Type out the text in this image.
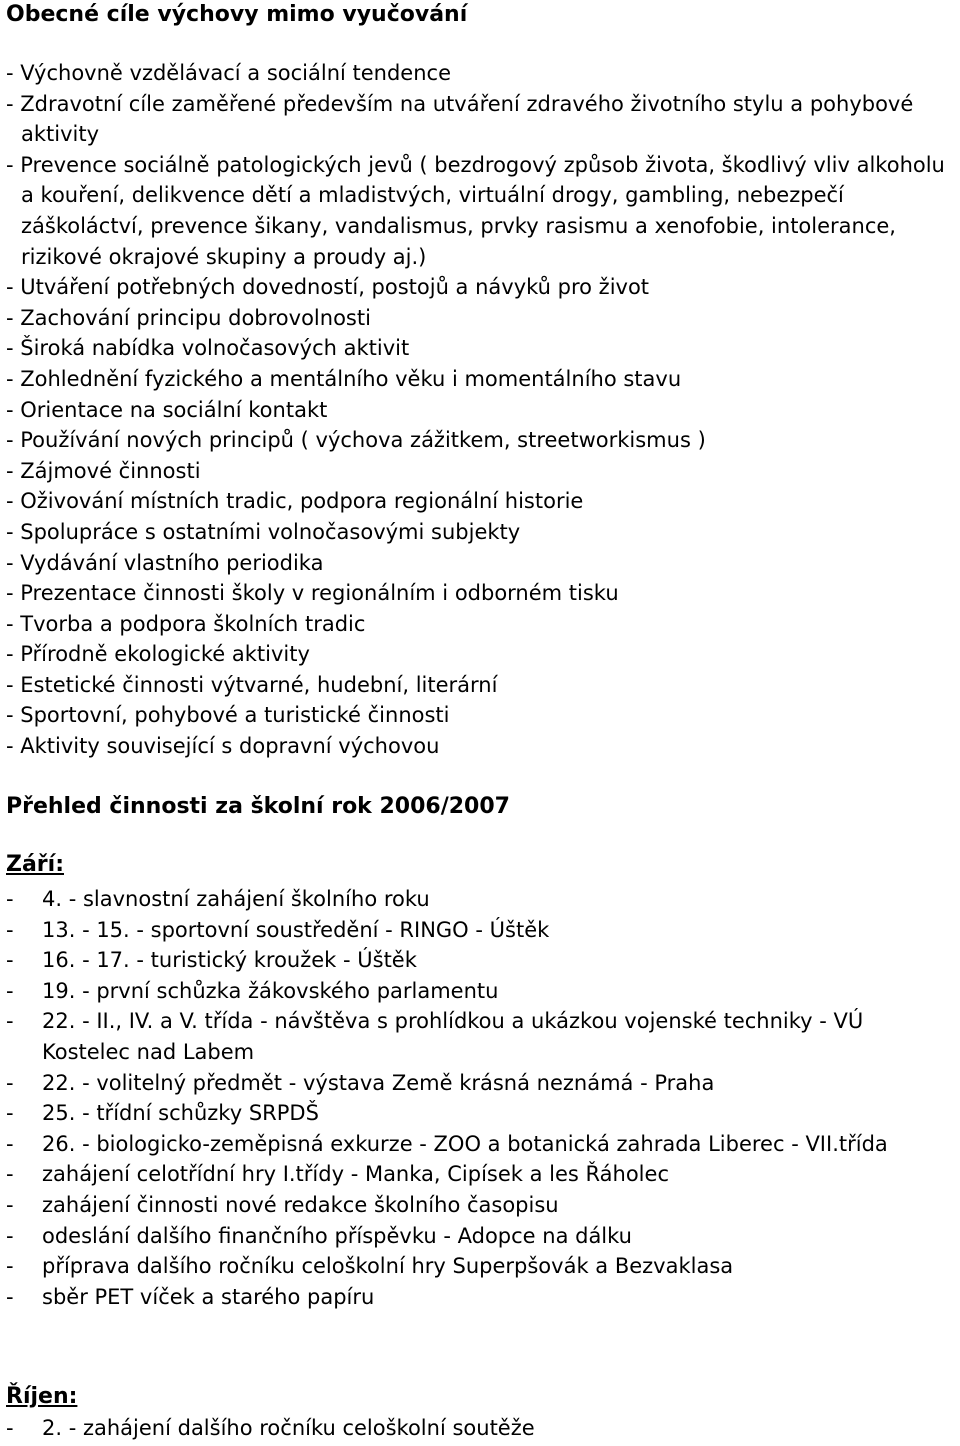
Obecné cíle výchovy mimo vyučování

- Výchovně vzdělávací a sociální tendence

- Zdravotní cíle zaměřené především na utváření zdravého životního stylu a pohybové aktivity

- Prevence sociálně patologických jevů ( bezdrogový způsob života, škodlivý vliv alkoholu a kouření, delikvence dětí a mladistvých, virtuální drogy, gambling, nebezpečí záškoláctví, prevence šikany, vandalismus, prvky rasismu a xenofobie, intolerance, rizikové okrajové skupiny a proudy aj.)

- Utváření potřebných dovedností, postojů a návyků pro život

- Zachování principu dobrovolnosti

- Široká nabídka volnočasových aktivit

- Zohlednění fyzického a mentálního věku i momentálního stavu

- Orientace na sociální kontakt

- Používání nových principů ( výchova zážitkem, streetworkismus )

- Zájmové činnosti

- Oživování místních tradic, podpora regionální historie

- Spolupráce s ostatními volnočasovými subjekty

- Vydávání vlastního periodika

- Prezentace činnosti školy v regionálním i odborném tisku

- Tvorba a podpora školních tradic

- Přírodně ekologické aktivity

- Estetické činnosti výtvarné, hudební, literární

- Sportovní, pohybové a turistické činnosti

- Aktivity související s dopravní výchovou

Přehled činnosti za školní rok 2006/2007

Září:

-	4. - slavnostní zahájení školního roku
-	13. - 15. - sportovní soustředění - RINGO - Úštěk
-	16. - 17. - turistický kroužek - Úštěk
-	19. - první schůzka žákovského parlamentu
-	22. - II., IV. a V. třída - návštěva s prohlídkou a ukázkou vojenské techniky - VÚ Kostelec nad Labem
-	22. - volitelný předmět - výstava Země krásná neznámá - Praha
-	25. - třídní schůzky SRPDŠ
-	26. - biologicko-zeměpisná exkurze - ZOO a botanická zahrada Liberec - VII.třída
-	zahájení celotřídní hry I.třídy - Manka, Cipísek a les Řáholec
-	zahájení činnosti nové redakce školního časopisu
-	odeslání dalšího finančního příspěvku - Adopce na dálku
-	příprava dalšího ročníku celoškolní hry Superpšovák a Bezvaklasa
-	sběr PET víček a starého papíru

Říjen:

-	2. - zahájení dalšího ročníku celoškolní soutěže
